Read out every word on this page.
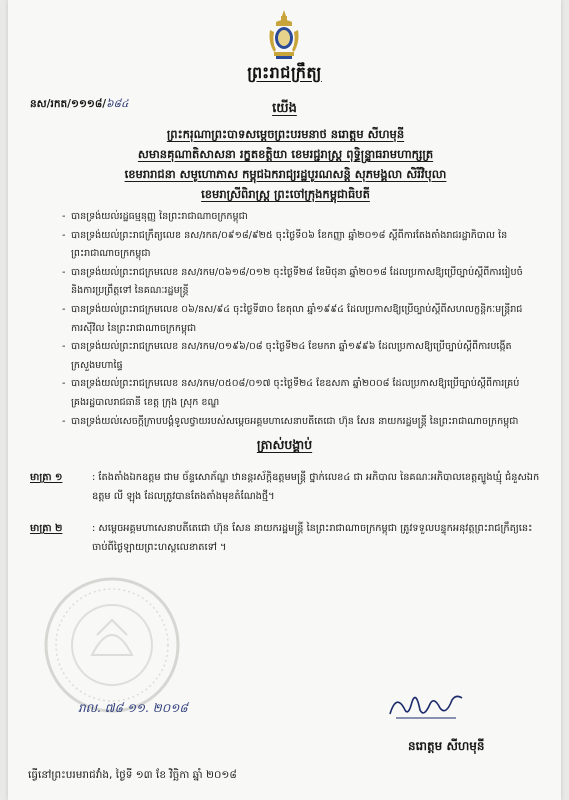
ព្រះរាជក្រឹត្យ
នស/រកត/១១១៨/៦៨៤	យើង
ព្រះករុណាព្រះបាទសម្ដេចព្រះបរមនាថ នរោត្ដម សីហមុនី
សមានគុណាតិសាសនា រក្ខតខត្តិយា ខេមរជ្ជរាស្ត្រ ពុទ្ធិន្ទ្រាធរាមហាក្សត្រ
ខេមរារាជនា សមូហោភាស កម្ពុជឯករាជ្យរដ្ឋបូរណសន្តិ សុភមង្គលា សិរីវិបុលា
ខេមរាស្រីពិរាស្ត្រ ព្រះចៅក្រុងកម្ពុជាធិបតី
- បានទ្រង់យល់រដ្ឋធម្មនុញ្ញ នៃព្រះរាជាណាចក្រកម្ពុជា
- បានទ្រង់យល់ព្រះរាជក្រឹត្យលេខ នស/រកត/០៩១៨/៩២៥ ចុះថ្ងៃទី០៦ ខែកញ្ញា ឆ្នាំ២០១៨ ស្តីពីការតែងតាំងរាជរដ្ឋាភិបាល នៃព្រះរាជាណាចក្រកម្ពុជា
- បានទ្រង់យល់ព្រះរាជក្រមលេខ នស/រកម/០៦១៨/០១២ ចុះថ្ងៃទី២៨ ខែមិថុនា ឆ្នាំ២០១៨ ដែលប្រកាសឱ្យប្រើច្បាប់ស្ដីពីការរៀបចំ និងការប្រព្រឹត្តទៅ នៃគណៈរដ្ឋមន្ត្រី
- បានទ្រង់យល់ព្រះរាជក្រមលេខ ០៦/នស/៩៤ ចុះថ្ងៃទី៣០ ខែតុលា ឆ្នាំ១៩៩៤ ដែលប្រកាសឱ្យប្រើច្បាប់ស្តីពីសហលក្ខន្តិកៈមន្ត្រីរាជការស៊ីវិល នៃព្រះរាជាណាចក្រកម្ពុជា
- បានទ្រង់យល់ព្រះរាជក្រមលេខ នស/រកម/០១៩៦/០៨ ចុះថ្ងៃទី២៤ ខែមករា ឆ្នាំ១៩៩៦ ដែលប្រកាសឱ្យប្រើច្បាប់ស្តីពីការបង្កើតក្រសួងមហាផ្ទៃ
- បានទ្រង់យល់ព្រះរាជក្រមលេខ នស/រកម/០៥០៨/០១៧ ចុះថ្ងៃទី២៤ ខែឧសភា ឆ្នាំ២០០៨ ដែលប្រកាសឱ្យប្រើច្បាប់ស្តីពីការគ្រប់គ្រងរដ្ឋបាលរាជធានី ខេត្ត ក្រុង ស្រុក ខណ្ឌ
- បានទ្រង់យល់សេចក្តីក្រាបបង្គំទូលថ្វាយរបស់សម្តេចអគ្គមហាសេនាបតីតេជោ ហ៊ុន សែន នាយករដ្ឋមន្ត្រី នៃព្រះរាជាណាចក្រកម្ពុជា
ត្រាស់បង្គាប់
មាត្រា ១	: តែងតាំងឯកឧត្តម ជាម ច័ន្ទសោភ័ណ្ឌ ឋានន្តរស័ក្តិឧត្តមមន្ត្រី ថ្នាក់លេខ៤ ជា អភិបាល នៃគណៈអភិបាលខេត្តត្បូងឃ្មុំ ជំនួសឯកឧត្តម លី ឡុង ដែលត្រូវបានតែងតាំងមុខតំណែងថ្មី។
មាត្រា ២	: សម្តេចអគ្គមហាសេនាបតីតេជោ ហ៊ុន សែន នាយករដ្ឋមន្ត្រី នៃព្រះរាជាណាចក្រកម្ពុជា ត្រូវទទួលបន្ទុកអនុវត្តព្រះរាជក្រឹត្យនេះ ចាប់ពីថ្ងៃឡាយព្រះហស្តលេខាតទៅ ។
រាល. ៧៨ ១១. ២០១៨
នរោត្តម សីហមុនី
ធ្វើនៅព្រះបរមរាជវាំង, ថ្ងៃទី ១៣ ខែ វិច្ឆិកា ឆ្នាំ ២០១៨
